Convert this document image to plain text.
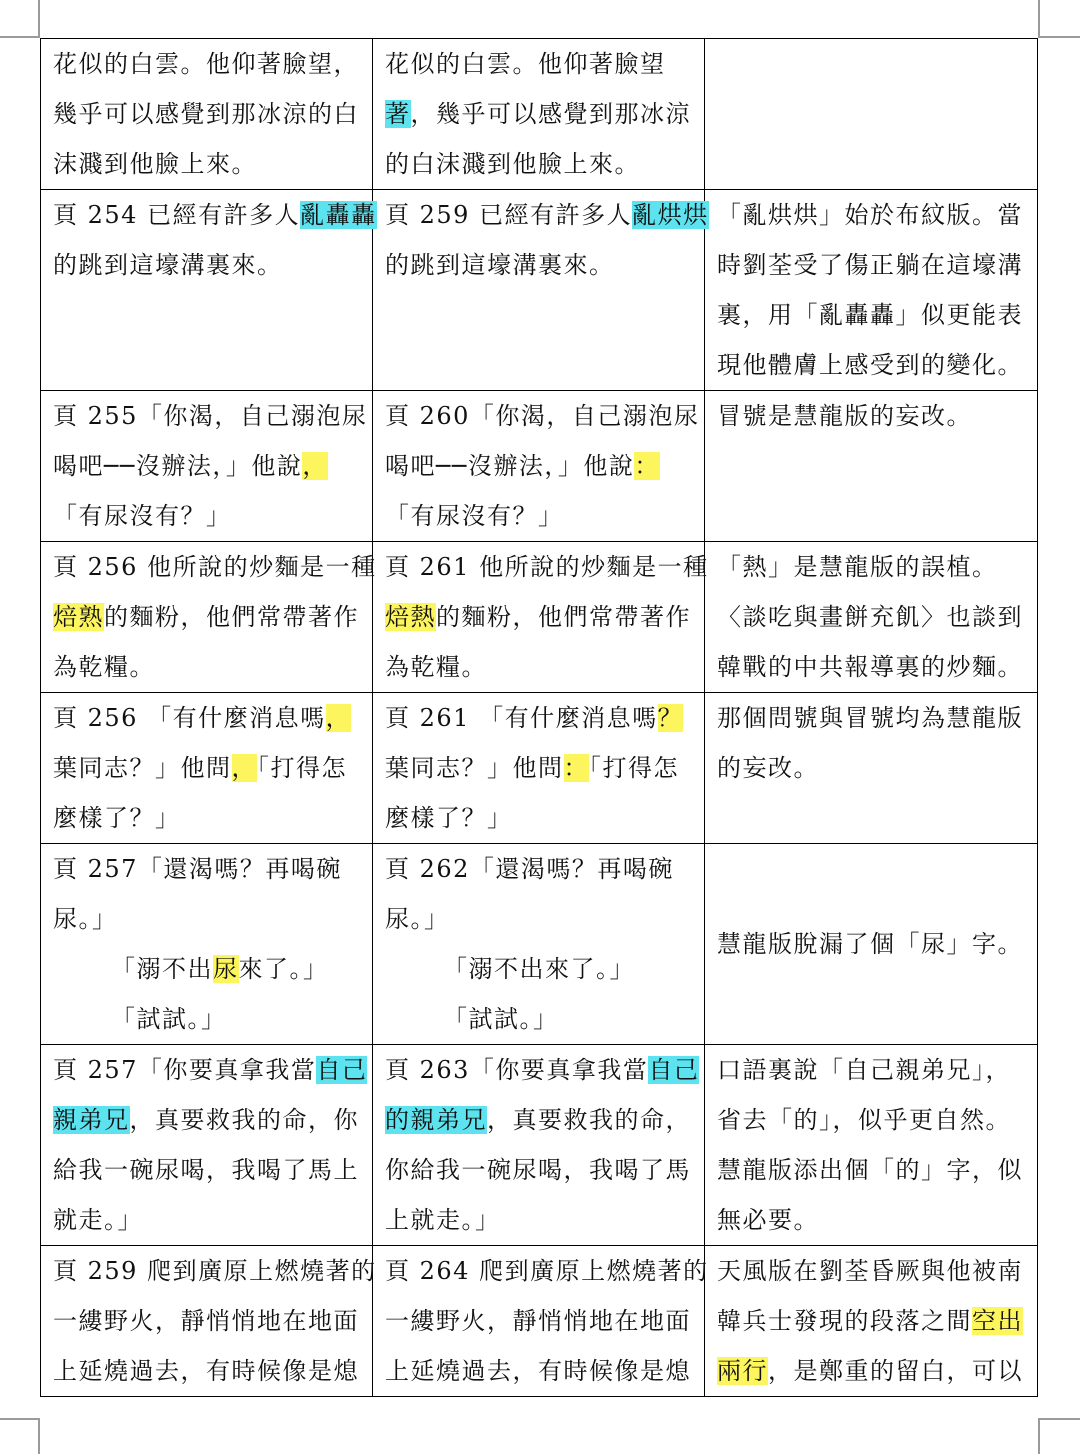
花似的白雲。他仰著臉望，
幾乎可以感覺到那冰涼的白
沫濺到他臉上來。	花似的白雲。他仰著臉望
著，幾乎可以感覺到那冰涼
的白沫濺到他臉上來。	

頁 254 已經有許多人亂轟轟
的跳到這壕溝裏來。	頁 259 已經有許多人亂烘烘
的跳到這壕溝裏來。	「亂烘烘」始於布紋版。當
時劉荃受了傷正躺在這壕溝
裏，用「亂轟轟」似更能表
現他體膚上感受到的變化。

頁 255「你渴，自己溺泡尿
喝吧──沒辦法，」他說，
「有尿沒有？」	頁 260「你渴，自己溺泡尿
喝吧──沒辦法，」他說：
「有尿沒有？」	冒號是慧龍版的妄改。

頁 256 他所說的炒麵是一種
焙熟的麵粉，他們常帶著作
為乾糧。	頁 261 他所說的炒麵是一種
焙熱的麵粉，他們常帶著作
為乾糧。	「熱」是慧龍版的誤植。
〈談吃與畫餅充飢〉也談到
韓戰的中共報導裏的炒麵。

頁 256 「有什麼消息嗎，
葉同志？」他問，「打得怎
麼樣了？」	頁 261 「有什麼消息嗎？
葉同志？」他問：「打得怎
麼樣了？」	那個問號與冒號均為慧龍版
的妄改。

頁 257「還渴嗎？再喝碗
尿。」
「溺不出尿來了。」
「試試。」	頁 262「還渴嗎？再喝碗
尿。」
「溺不出來了。」
「試試。」	慧龍版脫漏了個「尿」字。

頁 257「你要真拿我當自己
親弟兄，真要救我的命，你
給我一碗尿喝，我喝了馬上
就走。」	頁 263「你要真拿我當自己
的親弟兄，真要救我的命，
你給我一碗尿喝，我喝了馬
上就走。」	口語裏說「自己親弟兄」，
省去「的」，似乎更自然。
慧龍版添出個「的」字，似
無必要。

頁 259 爬到廣原上燃燒著的
一縷野火，靜悄悄地在地面
上延燒過去，有時候像是熄	頁 264 爬到廣原上燃燒著的
一縷野火，靜悄悄地在地面
上延燒過去，有時候像是熄	天風版在劉荃昏厥與他被南
韓兵士發現的段落之間空出
兩行，是鄭重的留白，可以
